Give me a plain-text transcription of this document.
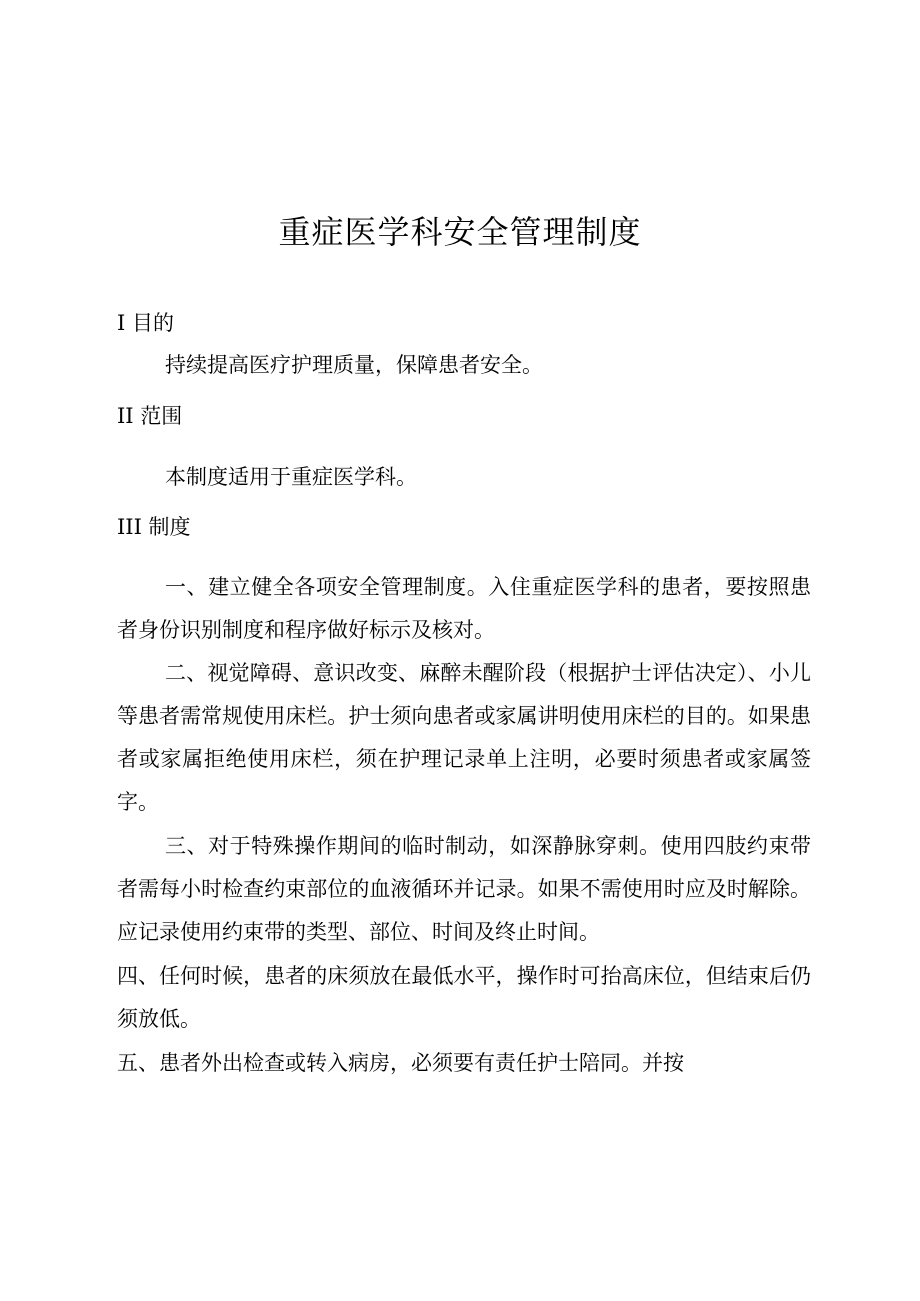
重症医学科安全管理制度
I 目的
持续提高医疗护理质量，保障患者安全。
II 范围
本制度适用于重症医学科。
III 制度
一、建立健全各项安全管理制度。入住重症医学科的患者，要按照患者身份识别制度和程序做好标示及核对。
二、视觉障碍、意识改变、麻醉未醒阶段（根据护士评估决定）、小儿等患者需常规使用床栏。护士须向患者或家属讲明使用床栏的目的。如果患者或家属拒绝使用床栏，须在护理记录单上注明，必要时须患者或家属签字。
三、对于特殊操作期间的临时制动，如深静脉穿刺。使用四肢约束带者需每小时检查约束部位的血液循环并记录。如果不需使用时应及时解除。应记录使用约束带的类型、部位、时间及终止时间。
四、任何时候，患者的床须放在最低水平，操作时可抬高床位，但结束后仍须放低。
五、患者外出检查或转入病房，必须要有责任护士陪同。并按
